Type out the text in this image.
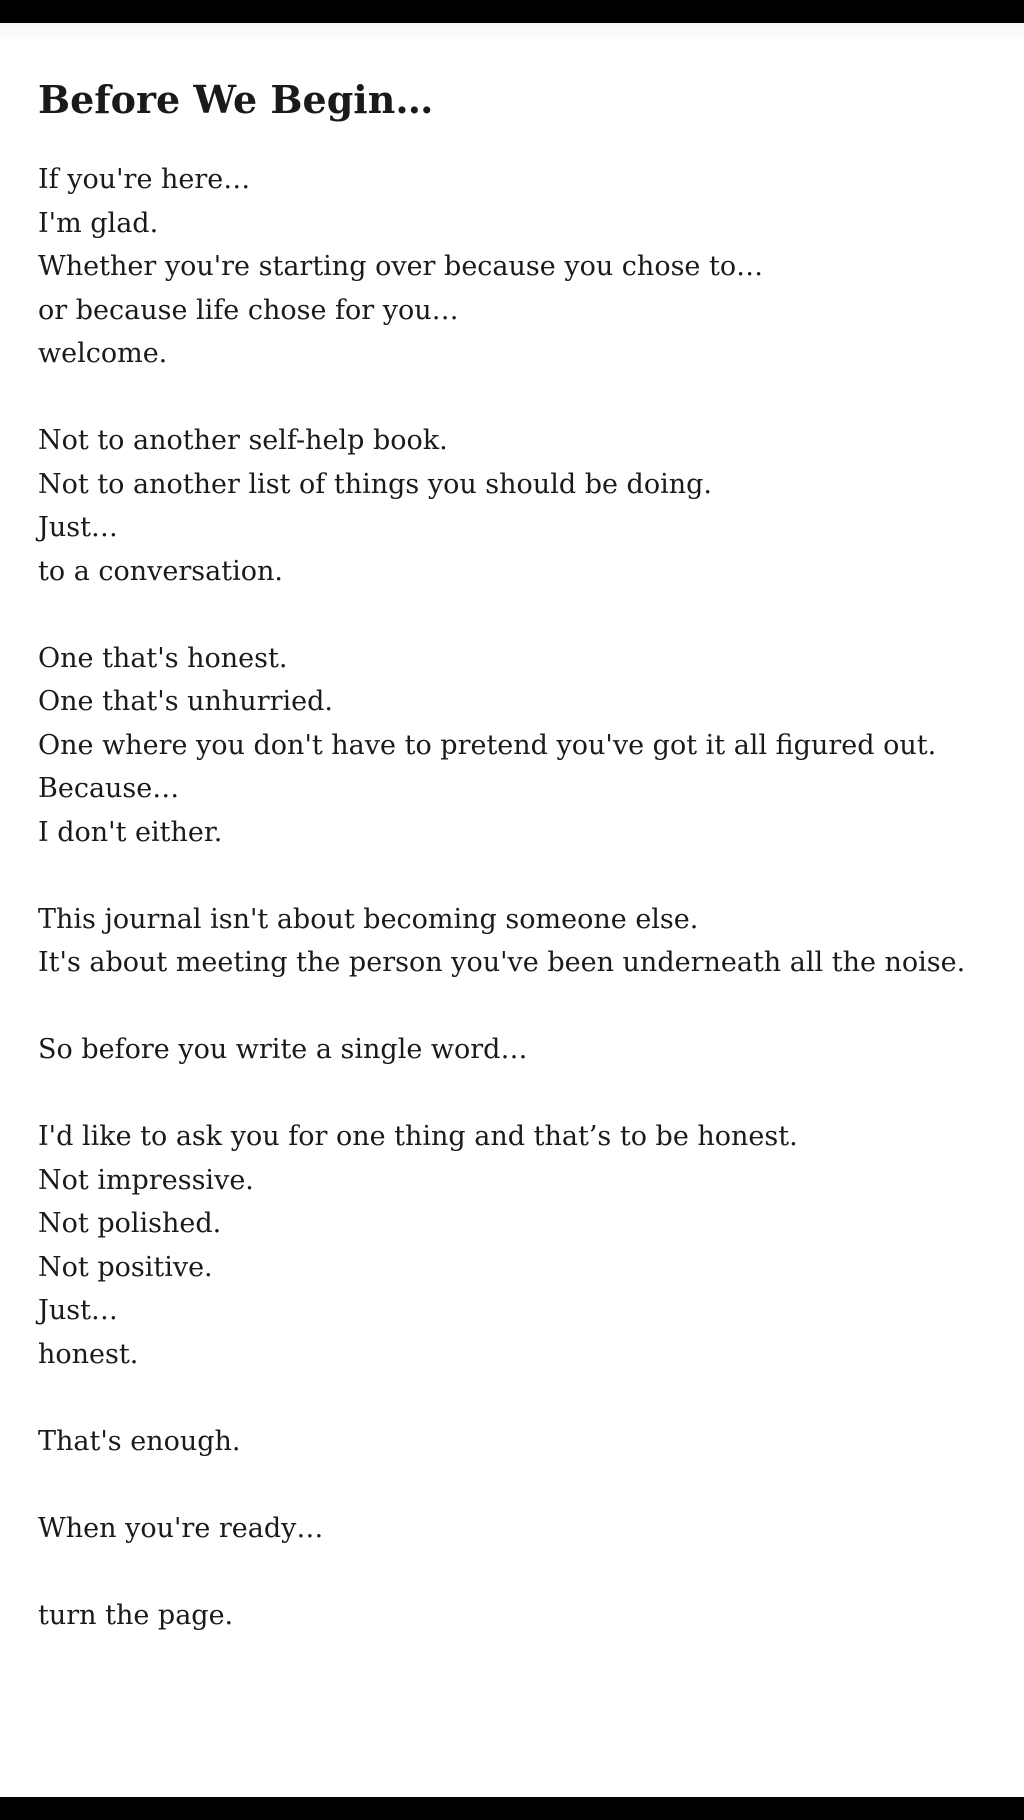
Before We Begin…
If you're here…
I'm glad.
Whether you're starting over because you chose to…
or because life chose for you…
welcome.
Not to another self-help book.
Not to another list of things you should be doing.
Just…
to a conversation.
One that's honest.
One that's unhurried.
One where you don't have to pretend you've got it all figured out.
Because…
I don't either.
This journal isn't about becoming someone else.
It's about meeting the person you've been underneath all the noise.
So before you write a single word…
I'd like to ask you for one thing and that’s to be honest.
Not impressive.
Not polished.
Not positive.
Just…
honest.
That's enough.
When you're ready…
turn the page.
